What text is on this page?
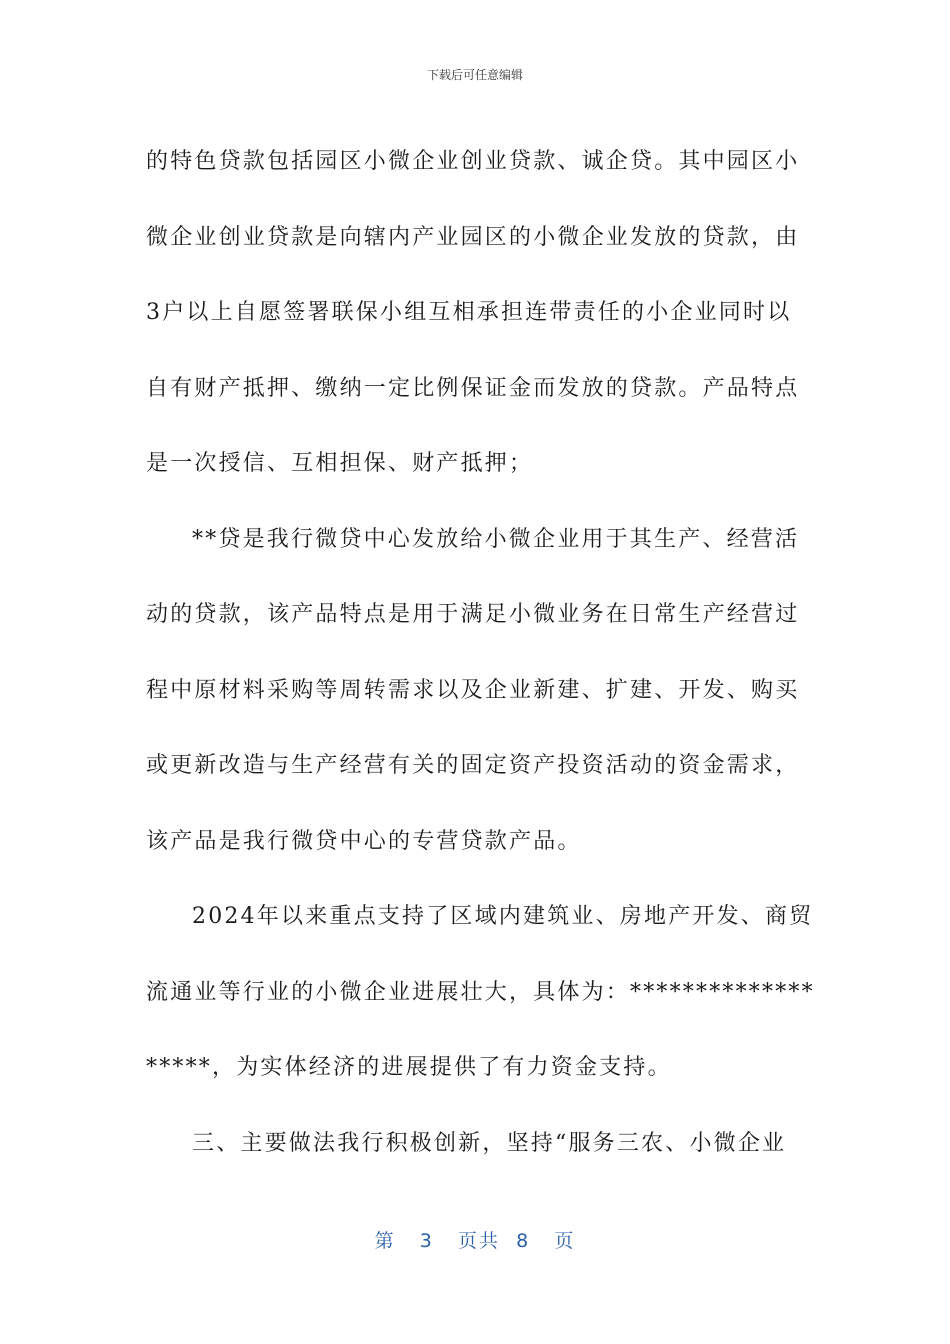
下载后可任意编辑
的特色贷款包括园区小微企业创业贷款、诚企贷。其中园区小
微企业创业贷款是向辖内产业园区的小微企业发放的贷款，由
3户以上自愿签署联保小组互相承担连带责任的小企业同时以
自有财产抵押、缴纳一定比例保证金而发放的贷款。产品特点
是一次授信、互相担保、财产抵押；
**贷是我行微贷中心发放给小微企业用于其生产、经营活
动的贷款，该产品特点是用于满足小微业务在日常生产经营过
程中原材料采购等周转需求以及企业新建、扩建、开发、购买
或更新改造与生产经营有关的固定资产投资活动的资金需求，
该产品是我行微贷中心的专营贷款产品。
2024年以来重点支持了区域内建筑业、房地产开发、商贸
流通业等行业的小微企业进展壮大，具体为：**************
*****，为实体经济的进展提供了有力资金支持。
三、主要做法我行积极创新，坚持“服务三农、小微企业
第 3 页共 8 页
